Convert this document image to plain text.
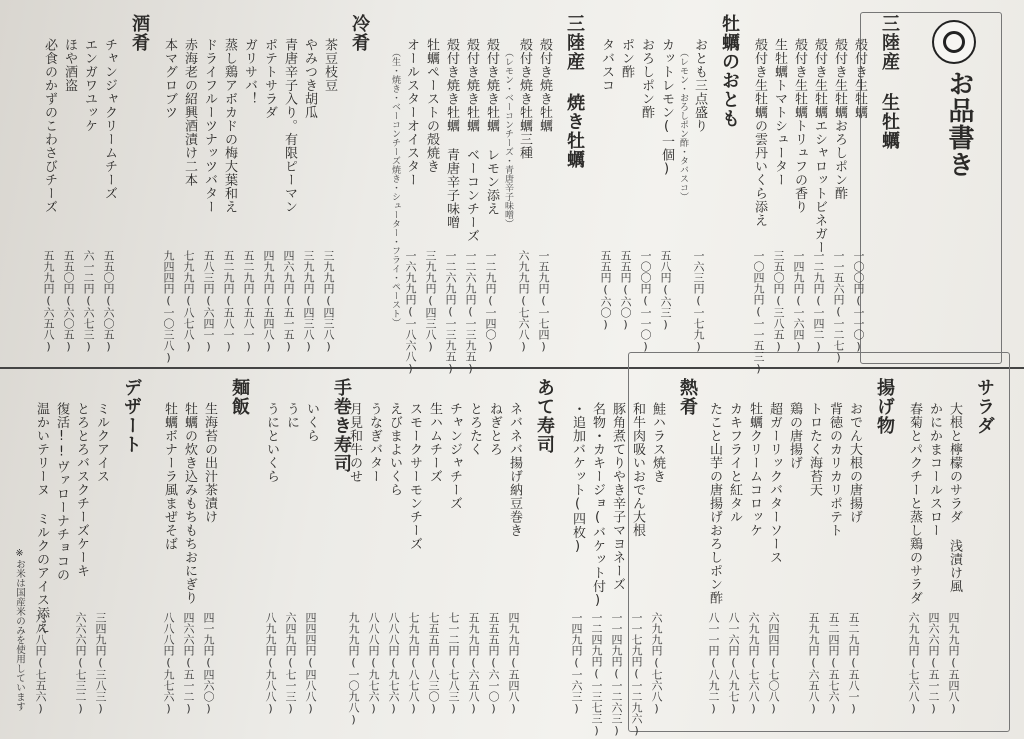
お品書き
三陸産 生牡蠣
殻付き生牡蠣
一〇〇円(一一〇)
殻付き生牡蠣おろしポン酢
一一五六円(一二七)
殻付き生牡蠣エシャロットビネガー
一二九円(一四二)
殻付き生牡蠣トリュフの香り
一四九円(一六四)
生牡蠣トマトシューター
三五〇円(三八五)
殻付き生牡蠣の雲丹いくら添え
一〇四九円(一一五三)
牡蠣のおとも
おとも三点盛り
（レモン・おろしポン酢・タバスコ）
一六三円(一七九)
カットレモン(一個)
五八円(六三)
おろしポン酢
一〇〇円(一一〇)
ポン酢
五五円(六〇)
タバスコ
五五円(六〇)
三陸産 焼き牡蠣
殻付き焼き牡蠣
一五九円(一七四)
殻付き焼き牡蠣三種
（レモン・ベーコンチーズ・青唐辛子味噌）
六九九円(七六八)
殻付き焼き牡蠣 レモン添え
一二九円(一四〇)
殻付き焼き牡蠣 ベーコンチーズ
一二六九円(一三九五)
殻付き焼き牡蠣 青唐辛子味噌
一二六九円(一三九五)
牡蠣ペーストの殻焼き
三九九円(四三八)
オールスターオイスター
（生・焼き・ベーコンチーズ焼き・シューター・フライ・ペースト） 一六九九円(一八六八)
冷肴
茶豆枝豆
三九九円(四三八)
やみつき胡瓜
三九九円(四三八)
青唐辛子入り。有限ピーマン
四六九円(五一五)
ポテトサラダ
四九九円(五四八)
ガリサバ！
五二九円(五八一)
蒸し鶏アボカドの梅大葉和え
五二九円(五八一)
ドライフルーツナッツバター
五八三円(六四一)
赤海老の紹興酒漬け二本
七九九円(八七八)
本マグロブツ
九四四円(一〇三八)
酒肴
チャンジャクリームチーズ
五五〇円(六〇五)
エンガワユッケ
六一二円(六七三)
ほや酒盗
五五〇円(六〇五)
必食のかずのこわさびチーズ
五九九円(六五八)
サラダ
大根と檸檬のサラダ 浅漬け風
四九九円(五四八)
かにかまコールスロー
四六六円(五一二)
春菊とパクチーと蒸し鶏のサラダ
六九九円(七六八)
揚げ物
おでん大根の唐揚げ
五二九円(五八一)
背徳のカリカリポテト
五二四円(五七六)
トロたく海苔天
五九九円(六五八)
鶏の唐揚げ
超ガーリックバターソース
六四四円(七〇八)
牡蠣クリームコロッケ
六九九円(七六八)
カキフライと紅タル
八一六円(八九七)
たこと山芋の唐揚げおろしポン酢
八一一円(八九二)
熱肴
鮭ハラス焼き
六九九円(七六八)
和牛肉吸いおでん大根
一一七九円(一二九六)
豚角煮てりやき辛子マヨネーズ
一一四九円(一二六三)
名物・カキージョ(バケット付)
一二四九円(一三七三)
・追加バケット(四枚)
一四九円(一六三)
あて寿司
ネバネバ揚げ納豆巻き
四九九円(五四八)
ねぎとろ
五五五円(六一〇)
とろたく
五九九円(六五八)
チャンジャチーズ
七一二円(七八三)
生ハムチーズ
七五五円(八三〇)
スモークサーモンチーズ
七九九円(八七八)
えびまよいくら
八八八円(九七六)
うなぎバター
八八八円(九七六)
月見和牛のせ
九九九円(一〇九八)
手巻き寿司
いくら
四四四円(四八八)
うに
六四九円(七一三)
うにといくら
八九九円(九八八)
麺飯
生海苔の出汁茶漬け
四一九円(四六〇)
牡蠣の炊き込みもちもちおにぎり
四六六円(五一二)
牡蠣ボナーラ風まぜそば
八八八円(九七六)
デザート
ミルクアイス
三四九円(三八三)
とろとろバスクチーズケーキ
六六六円(七三二)
復活!!ヴァローナチョコの
温かいテリーヌ ミルクのアイス添え
六八八円(七五六)
※お米は国産米のみを使用しています
